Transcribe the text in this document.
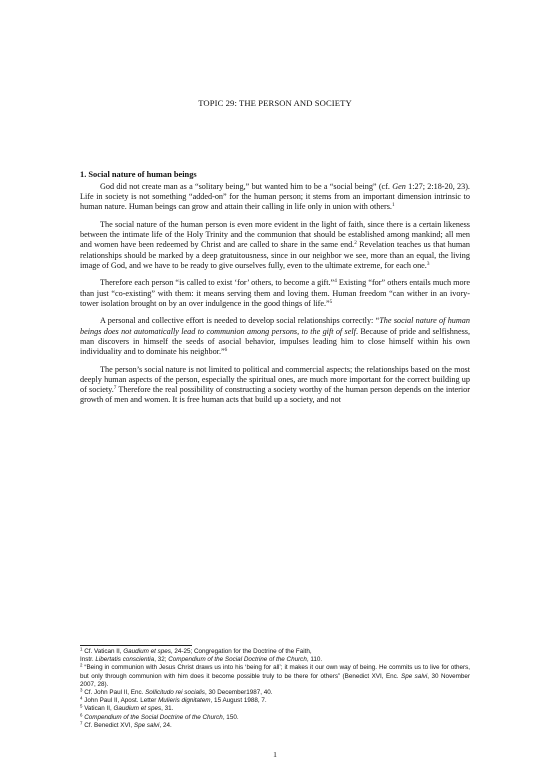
TOPIC 29: THE PERSON AND SOCIETY
1. Social nature of human beings

God did not create man as a “solitary being,” but wanted him to be a “social being” (cf. Gen 1:27; 2:18-20, 23). Life in society is not something “added-on” for the human person; it stems from an important dimension intrinsic to human nature. Human beings can grow and attain their calling in life only in union with others.$^1$

The social nature of the human person is even more evident in the light of faith, since there is a certain likeness between the intimate life of the Holy Trinity and the communion that should be established among mankind; all men and women have been redeemed by Christ and are called to share in the same end.$^2$ Revelation teaches us that human relationships should be marked by a deep gratuitousness, since in our neighbor we see, more than an equal, the living image of God, and we have to be ready to give ourselves fully, even to the ultimate extreme, for each one.$^3$

Therefore each person “is called to exist ‘for’ others, to become a gift.”$^4$ Existing “for” others entails much more than just “co-existing” with them: it means serving them and loving them. Human freedom “can wither in an ivory-tower isolation brought on by an over indulgence in the good things of life.”$^5$

A personal and collective effort is needed to develop social relationships correctly: “The social nature of human beings does not automatically lead to communion among persons, to the gift of self. Because of pride and selfishness, man discovers in himself the seeds of asocial behavior, impulses leading him to close himself within his own individuality and to dominate his neighbor.”$^6$

The person’s social nature is not limited to political and commercial aspects; the relationships based on the most deeply human aspects of the person, especially the spiritual ones, are much more important for the correct building up of society.$^7$ Therefore the real possibility of constructing a society worthy of the human person depends on the interior growth of men and women. It is free human acts that build up a society, and not

$^1$ Cf. Vatican II, Gaudium et spes, 24-25; Congregation for the Doctrine of the Faith,

Instr. Libertatis conscientia, 32; Compendium of the Social Doctrine of the Church, 110.

$^2$ “Being in communion with Jesus Christ draws us into his ‘being for all’; it makes it our own way of being. He commits us to live for others, but only through communion with him does it become possible truly to be there for others” (Benedict XVI, Enc. Spe salvi, 30 November 2007, 28).

$^3$ Cf. John Paul II, Enc. Sollicitudo rei socialis, 30 December1987, 40.

$^4$ John Paul II, Apost. Letter Mulieris dignitatem, 15 August 1988, 7.

$^5$ Vatican II, Gaudium et spes, 31.

$^6$ Compendium of the Social Doctrine of the Church, 150.

$^7$ Cf. Benedict XVI, Spe salvi, 24.

1
